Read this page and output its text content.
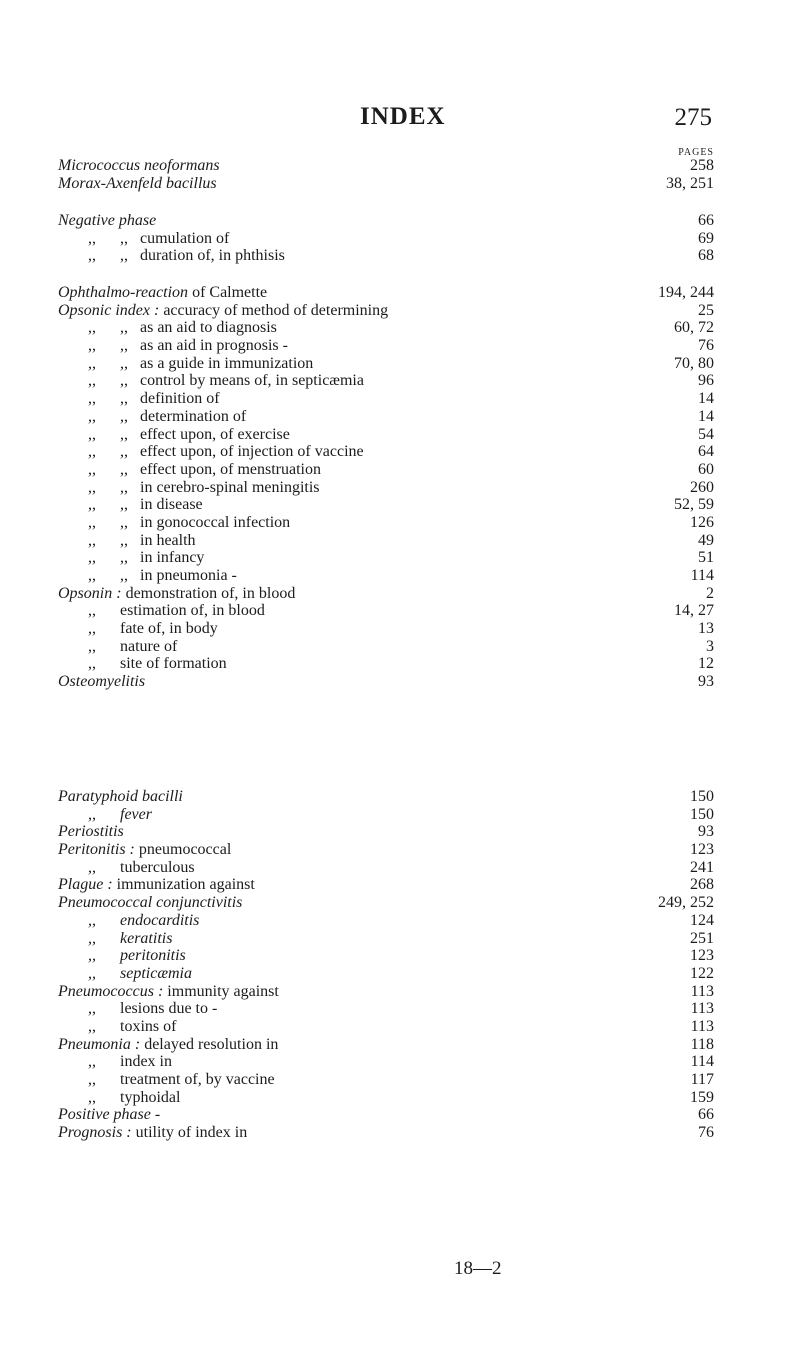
INDEX	275
PAGES
Micrococcus neoformans	258
Morax-Axenfeld bacillus	38, 251
Negative phase	66
,,      ,,   cumulation of	69
,,      ,,   duration of, in phthisis	68
Ophthalmo-reaction of Calmette	194, 244
Opsonic index : accuracy of method of determining	25
,,      ,,   as an aid to diagnosis	60, 72
,,      ,,   as an aid in prognosis -	76
,,      ,,   as a guide in immunization	70, 80
,,      ,,   control by means of, in septicæmia	96
,,      ,,   definition of	14
,,      ,,   determination of	14
,,      ,,   effect upon, of exercise	54
,,      ,,   effect upon, of injection of vaccine	64
,,      ,,   effect upon, of menstruation	60
,,      ,,   in cerebro-spinal meningitis	260
,,      ,,   in disease	52, 59
,,      ,,   in gonococcal infection	126
,,      ,,   in health	49
,,      ,,   in infancy	51
,,      ,,   in pneumonia -	114
Opsonin : demonstration of, in blood	2
,,      estimation of, in blood	14, 27
,,      fate of, in body	13
,,      nature of	3
,,      site of formation	12
Osteomyelitis	93
Paratyphoid bacilli	150
,,      fever	150
Periostitis	93
Peritonitis : pneumococcal	123
,,      tuberculous	241
Plague : immunization against	268
Pneumococcal conjunctivitis	249, 252
,,      endocarditis	124
,,      keratitis	251
,,      peritonitis	123
,,      septicæmia	122
Pneumococcus : immunity against	113
,,      lesions due to -	113
,,      toxins of	113
Pneumonia : delayed resolution in	118
,,      index in	114
,,      treatment of, by vaccine	117
,,      typhoidal	159
Positive phase -	66
Prognosis : utility of index in	76
18—2
